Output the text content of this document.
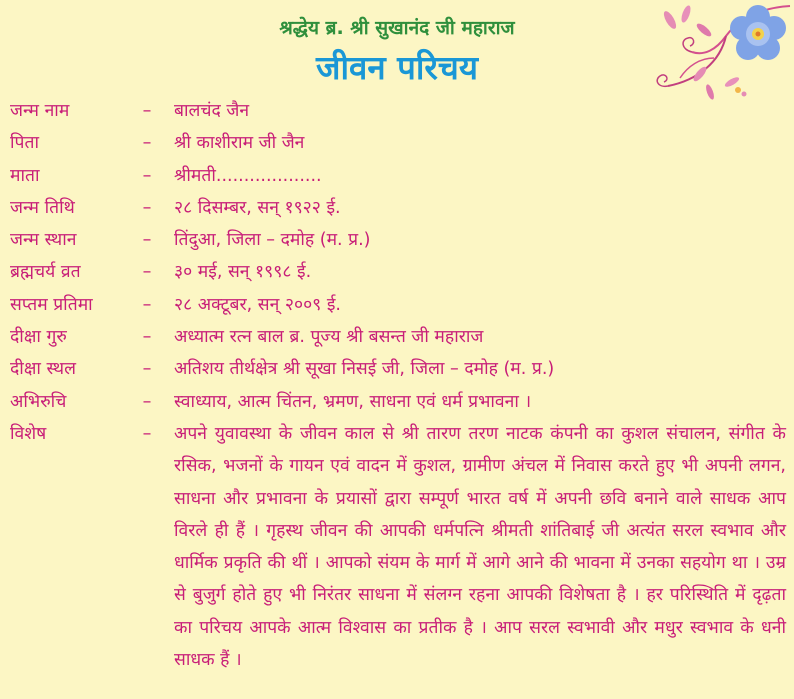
श्रद्धेय ब्र. श्री सुखानंद जी महाराज
जीवन परिचय
जन्म नाम	–	बालचंद जैन
पिता	–	श्री काशीराम जी जैन
माता	–	श्रीमती...................
जन्म तिथि	–	२८ दिसम्बर, सन् १९२२ ई.
जन्म स्थान	–	तिंदुआ, जिला – दमोह (म. प्र.)
ब्रह्मचर्य व्रत	–	३० मई, सन् १९९८ ई.
सप्तम प्रतिमा	–	२८ अक्टूबर, सन् २००९ ई.
दीक्षा गुरु	–	अध्यात्म रत्न बाल ब्र. पूज्य श्री बसन्त जी महाराज
दीक्षा स्थल	–	अतिशय तीर्थक्षेत्र श्री सूखा निसई जी, जिला – दमोह (म. प्र.)
अभिरुचि	–	स्वाध्याय, आत्म चिंतन, भ्रमण, साधना एवं धर्म प्रभावना ।
विशेष	–	अपने युवावस्था के जीवन काल से श्री तारण तरण नाटक कंपनी का कुशल संचालन, संगीत के रसिक, भजनों के गायन एवं वादन में कुशल, ग्रामीण अंचल में निवास करते हुए भी अपनी लगन, साधना और प्रभावना के प्रयासों द्वारा सम्पूर्ण भारत वर्ष में अपनी छवि बनाने वाले साधक आप विरले ही हैं । गृहस्थ जीवन की आपकी धर्मपत्नि श्रीमती शांतिबाई जी अत्यंत सरल स्वभाव और धार्मिक प्रकृति की थीं । आपको संयम के मार्ग में आगे आने की भावना में उनका सहयोग था । उम्र से बुजुर्ग होते हुए भी निरंतर साधना में संलग्न रहना आपकी विशेषता है । हर परिस्थिति में दृढ़ता का परिचय आपके आत्म विश्वास का प्रतीक है । आप सरल स्वभावी और मधुर स्वभाव के धनी साधक हैं ।
